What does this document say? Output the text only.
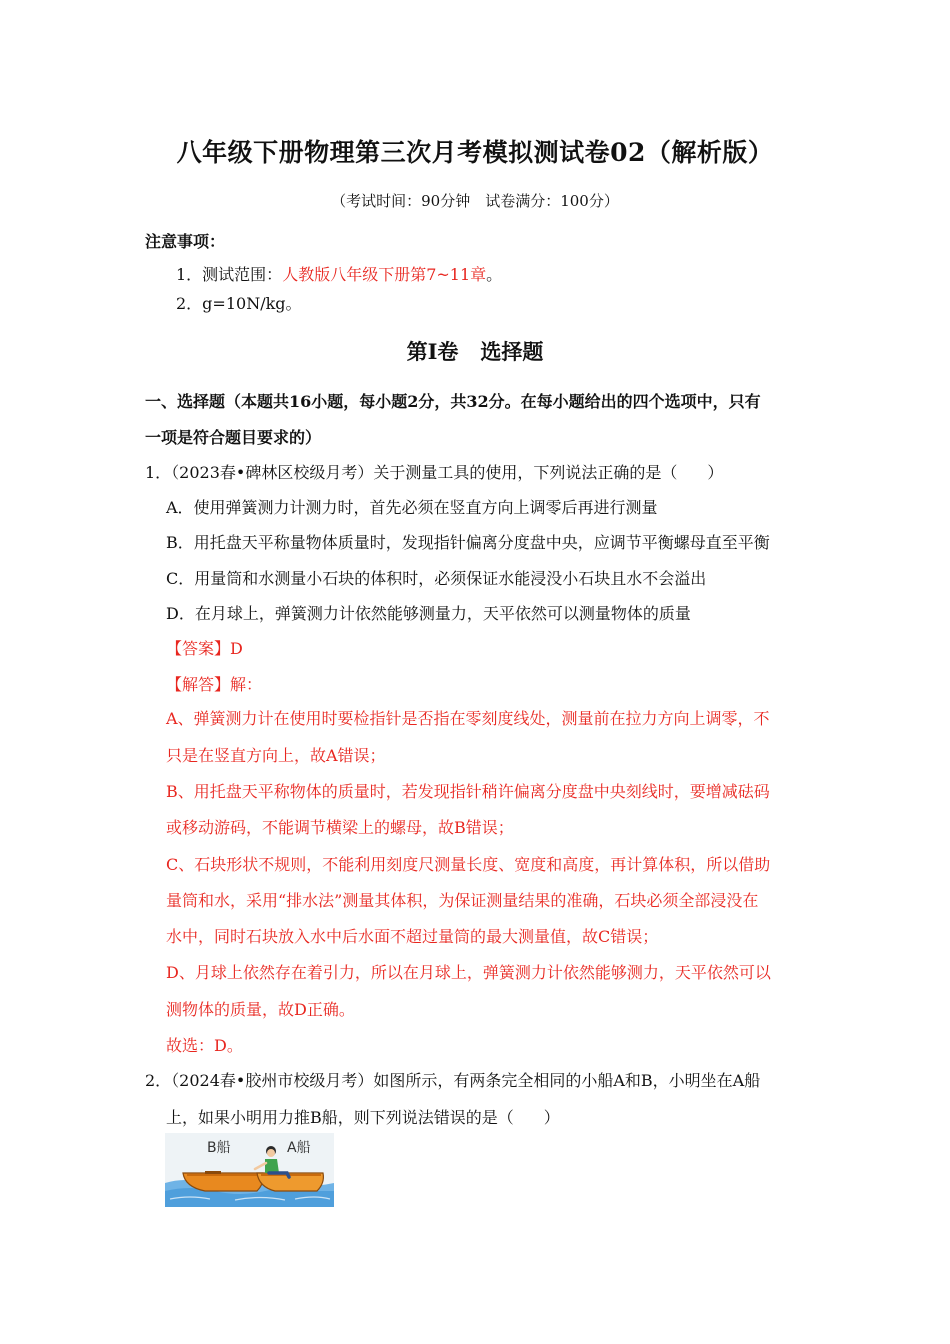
八年级下册物理第三次月考模拟测试卷02（解析版）
（考试时间：90分钟　试卷满分：100分）
注意事项：
1．测试范围：人教版八年级下册第7~11章。
2．g=10N/kg。
第Ⅰ卷 选择题
一、选择题（本题共16小题，每小题2分，共32分。在每小题给出的四个选项中，只有
一项是符合题目要求的）
1．（2023春•碑林区校级月考）关于测量工具的使用，下列说法正确的是（ ）
A．使用弹簧测力计测力时，首先必须在竖直方向上调零后再进行测量
B．用托盘天平称量物体质量时，发现指针偏离分度盘中央，应调节平衡螺母直至平衡
C．用量筒和水测量小石块的体积时，必须保证水能浸没小石块且水不会溢出
D．在月球上，弹簧测力计依然能够测量力，天平依然可以测量物体的质量
【答案】D
【解答】解：
A、弹簧测力计在使用时要检指针是否指在零刻度线处，测量前在拉力方向上调零，不
只是在竖直方向上，故A错误；
B、用托盘天平称物体的质量时，若发现指针稍许偏离分度盘中央刻线时，要增减砝码
或移动游码，不能调节横梁上的螺母，故B错误；
C、石块形状不规则，不能利用刻度尺测量长度、宽度和高度，再计算体积，所以借助
量筒和水，采用“排水法”测量其体积，为保证测量结果的准确，石块必须全部浸没在
水中，同时石块放入水中后水面不超过量筒的最大测量值，故C错误；
D、月球上依然存在着引力，所以在月球上，弹簧测力计依然能够测力，天平依然可以
测物体的质量，故D正确。
故选：D。
2．（2024春•胶州市校级月考）如图所示，有两条完全相同的小船A和B，小明坐在A船
上，如果小明用力推B船，则下列说法错误的是（ ）
B船	A船
